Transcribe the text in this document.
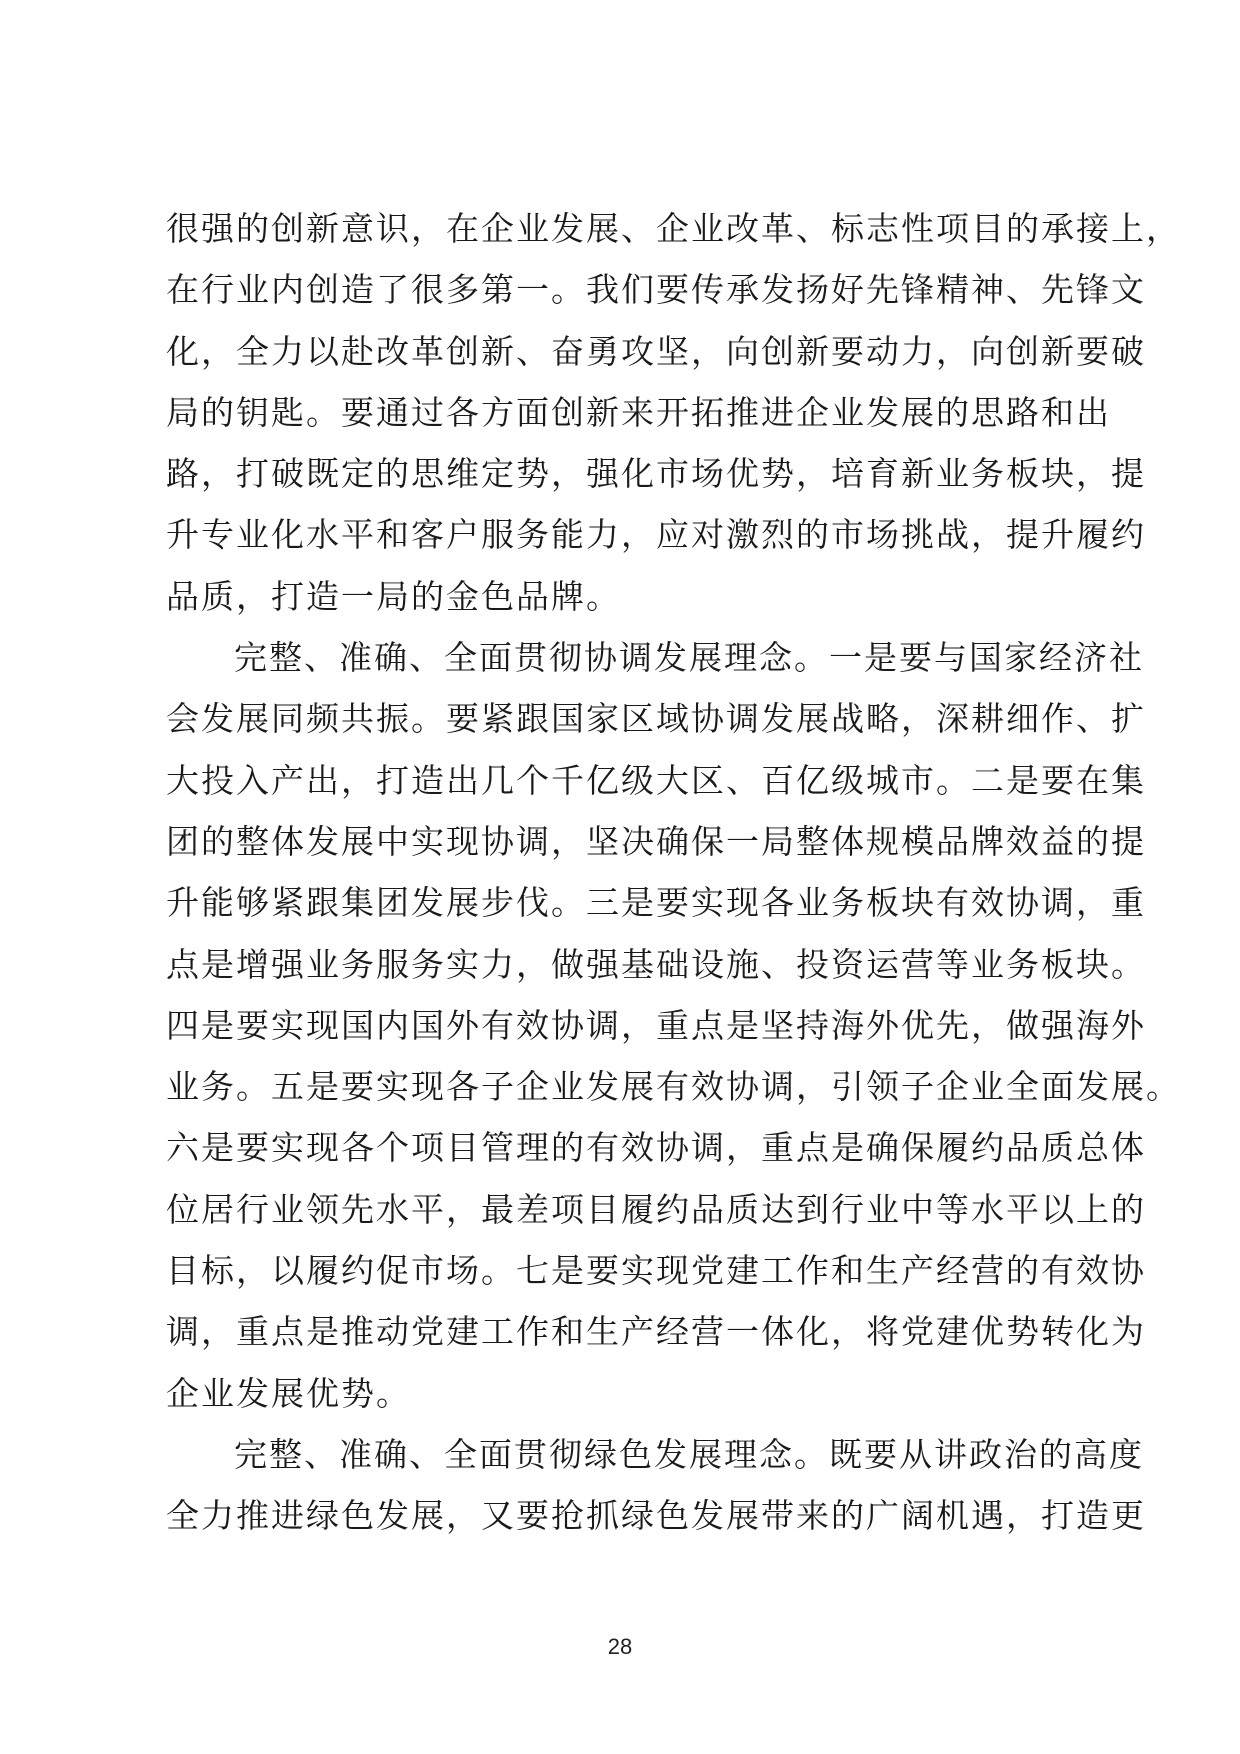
很强的创新意识，在企业发展、企业改革、标志性项目的承接上，
在行业内创造了很多第一。我们要传承发扬好先锋精神、先锋文
化，全力以赴改革创新、奋勇攻坚，向创新要动力，向创新要破
局的钥匙。要通过各方面创新来开拓推进企业发展的思路和出
路，打破既定的思维定势，强化市场优势，培育新业务板块，提
升专业化水平和客户服务能力，应对激烈的市场挑战，提升履约
品质，打造一局的金色品牌。
完整、准确、全面贯彻协调发展理念。一是要与国家经济社
会发展同频共振。要紧跟国家区域协调发展战略，深耕细作、扩
大投入产出，打造出几个千亿级大区、百亿级城市。二是要在集
团的整体发展中实现协调，坚决确保一局整体规模品牌效益的提
升能够紧跟集团发展步伐。三是要实现各业务板块有效协调，重
点是增强业务服务实力，做强基础设施、投资运营等业务板块。
四是要实现国内国外有效协调，重点是坚持海外优先，做强海外
业务。五是要实现各子企业发展有效协调，引领子企业全面发展。
六是要实现各个项目管理的有效协调，重点是确保履约品质总体
位居行业领先水平，最差项目履约品质达到行业中等水平以上的
目标，以履约促市场。七是要实现党建工作和生产经营的有效协
调，重点是推动党建工作和生产经营一体化，将党建优势转化为
企业发展优势。
完整、准确、全面贯彻绿色发展理念。既要从讲政治的高度
全力推进绿色发展，又要抢抓绿色发展带来的广阔机遇，打造更
28
